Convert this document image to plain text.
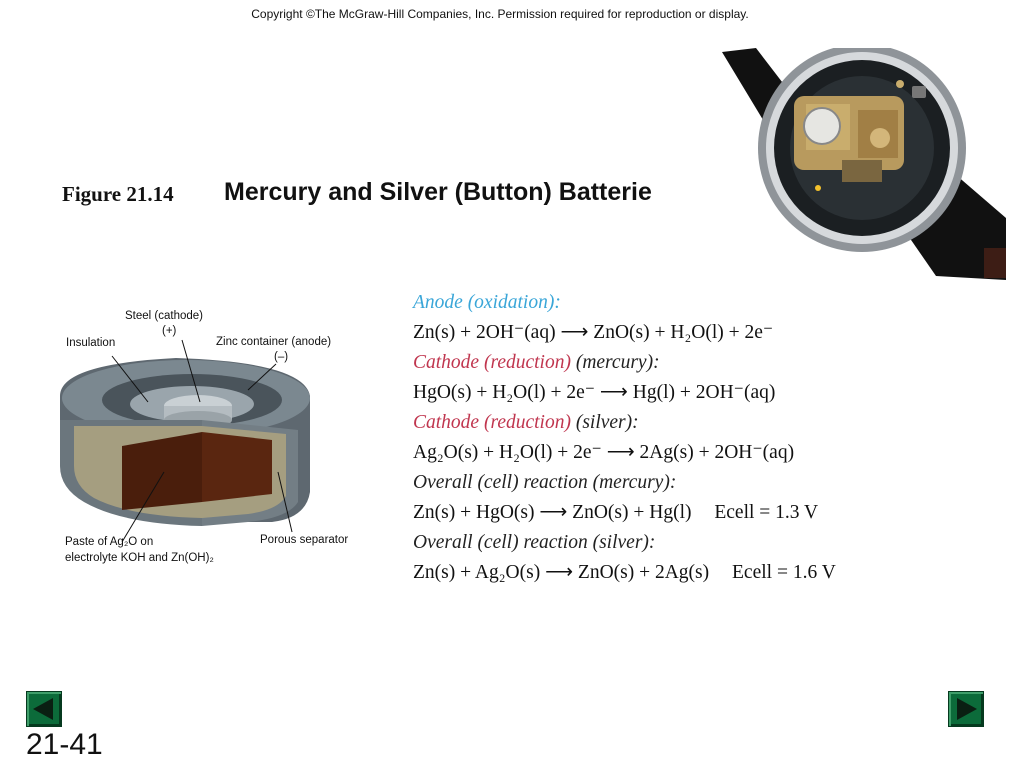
Copyright ©The McGraw-Hill Companies, Inc. Permission required for reproduction or display.
Figure 21.14 Mercury and Silver (Button) Batterie
Steel (cathode)
(+)
Insulation	Zinc container (anode)
(–)
Paste of Ag₂O on
electrolyte KOH and Zn(OH)₂
Porous separator
Anode (oxidation):
Zn(s) + 2OH⁻(aq) ⟶ ZnO(s) + H₂O(l) + 2e⁻
Cathode (reduction) (mercury):
HgO(s) + H₂O(l) + 2e⁻ ⟶ Hg(l) + 2OH⁻(aq)
Cathode (reduction) (silver):
Ag₂O(s) + H₂O(l) + 2e⁻ ⟶ 2Ag(s) + 2OH⁻(aq)
Overall (cell) reaction (mercury):
Zn(s) + HgO(s) ⟶ ZnO(s) + Hg(l) Ecell = 1.3 V
Overall (cell) reaction (silver):
Zn(s) + Ag₂O(s) ⟶ ZnO(s) + 2Ag(s) Ecell = 1.6 V
21-41
